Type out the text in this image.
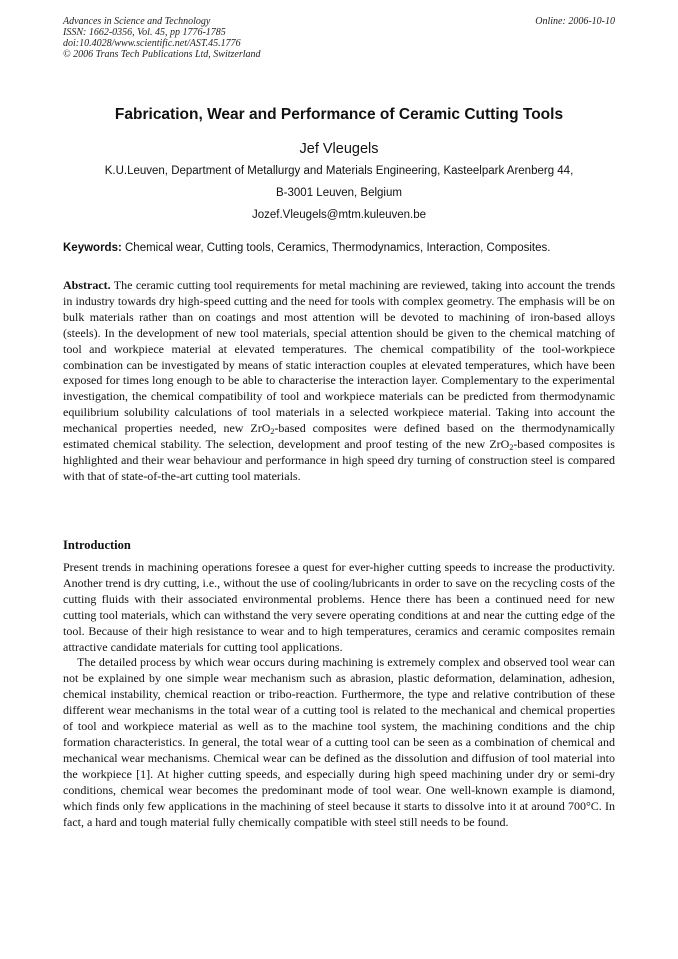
Advances in Science and Technology
ISSN: 1662-0356, Vol. 45, pp 1776-1785
doi:10.4028/www.scientific.net/AST.45.1776
© 2006 Trans Tech Publications Ltd, Switzerland
Online: 2006-10-10
Fabrication, Wear and Performance of Ceramic Cutting Tools
Jef Vleugels
K.U.Leuven, Department of Metallurgy and Materials Engineering, Kasteelpark Arenberg 44,
B-3001 Leuven, Belgium
Jozef.Vleugels@mtm.kuleuven.be
Keywords: Chemical wear, Cutting tools, Ceramics, Thermodynamics, Interaction, Composites.
Abstract. The ceramic cutting tool requirements for metal machining are reviewed, taking into account the trends in industry towards dry high-speed cutting and the need for tools with complex geometry. The emphasis will be on bulk materials rather than on coatings and most attention will be devoted to machining of iron-based alloys (steels). In the development of new tool materials, special attention should be given to the chemical matching of tool and workpiece material at elevated temperatures. The chemical compatibility of the tool-workpiece combination can be investigated by means of static interaction couples at elevated temperatures, which have been exposed for times long enough to be able to characterise the interaction layer. Complementary to the experimental investigation, the chemical compatibility of tool and workpiece materials can be predicted from thermodynamic equilibrium solubility calculations of tool materials in a selected workpiece material. Taking into account the mechanical properties needed, new ZrO$_2$-based composites were defined based on the thermodynamically estimated chemical stability. The selection, development and proof testing of the new ZrO$_2$-based composites is highlighted and their wear behaviour and performance in high speed dry turning of construction steel is compared with that of state-of-the-art cutting tool materials.
Introduction

Present trends in machining operations foresee a quest for ever-higher cutting speeds to increase the productivity. Another trend is dry cutting, i.e., without the use of cooling/lubricants in order to save on the recycling costs of the cutting fluids with their associated environmental problems. Hence there has been a continued need for new cutting tool materials, which can withstand the very severe operating conditions at and near the cutting edge of the tool. Because of their high resistance to wear and to high temperatures, ceramics and ceramic composites remain attractive candidate materials for cutting tool applications.

The detailed process by which wear occurs during machining is extremely complex and observed tool wear can not be explained by one simple wear mechanism such as abrasion, plastic deformation, delamination, adhesion, chemical instability, chemical reaction or tribo-reaction. Furthermore, the type and relative contribution of these different wear mechanisms in the total wear of a cutting tool is related to the mechanical and chemical properties of tool and workpiece material as well as to the machine tool system, the machining conditions and the chip formation characteristics. In general, the total wear of a cutting tool can be seen as a combination of chemical and mechanical wear mechanisms. Chemical wear can be defined as the dissolution and diffusion of tool material into the workpiece [1]. At higher cutting speeds, and especially during high speed machining under dry or semi-dry conditions, chemical wear becomes the predominant mode of tool wear. One well-known example is diamond, which finds only few applications in the machining of steel because it starts to dissolve into it at around 700°C. In fact, a hard and tough material fully chemically compatible with steel still needs to be found.
